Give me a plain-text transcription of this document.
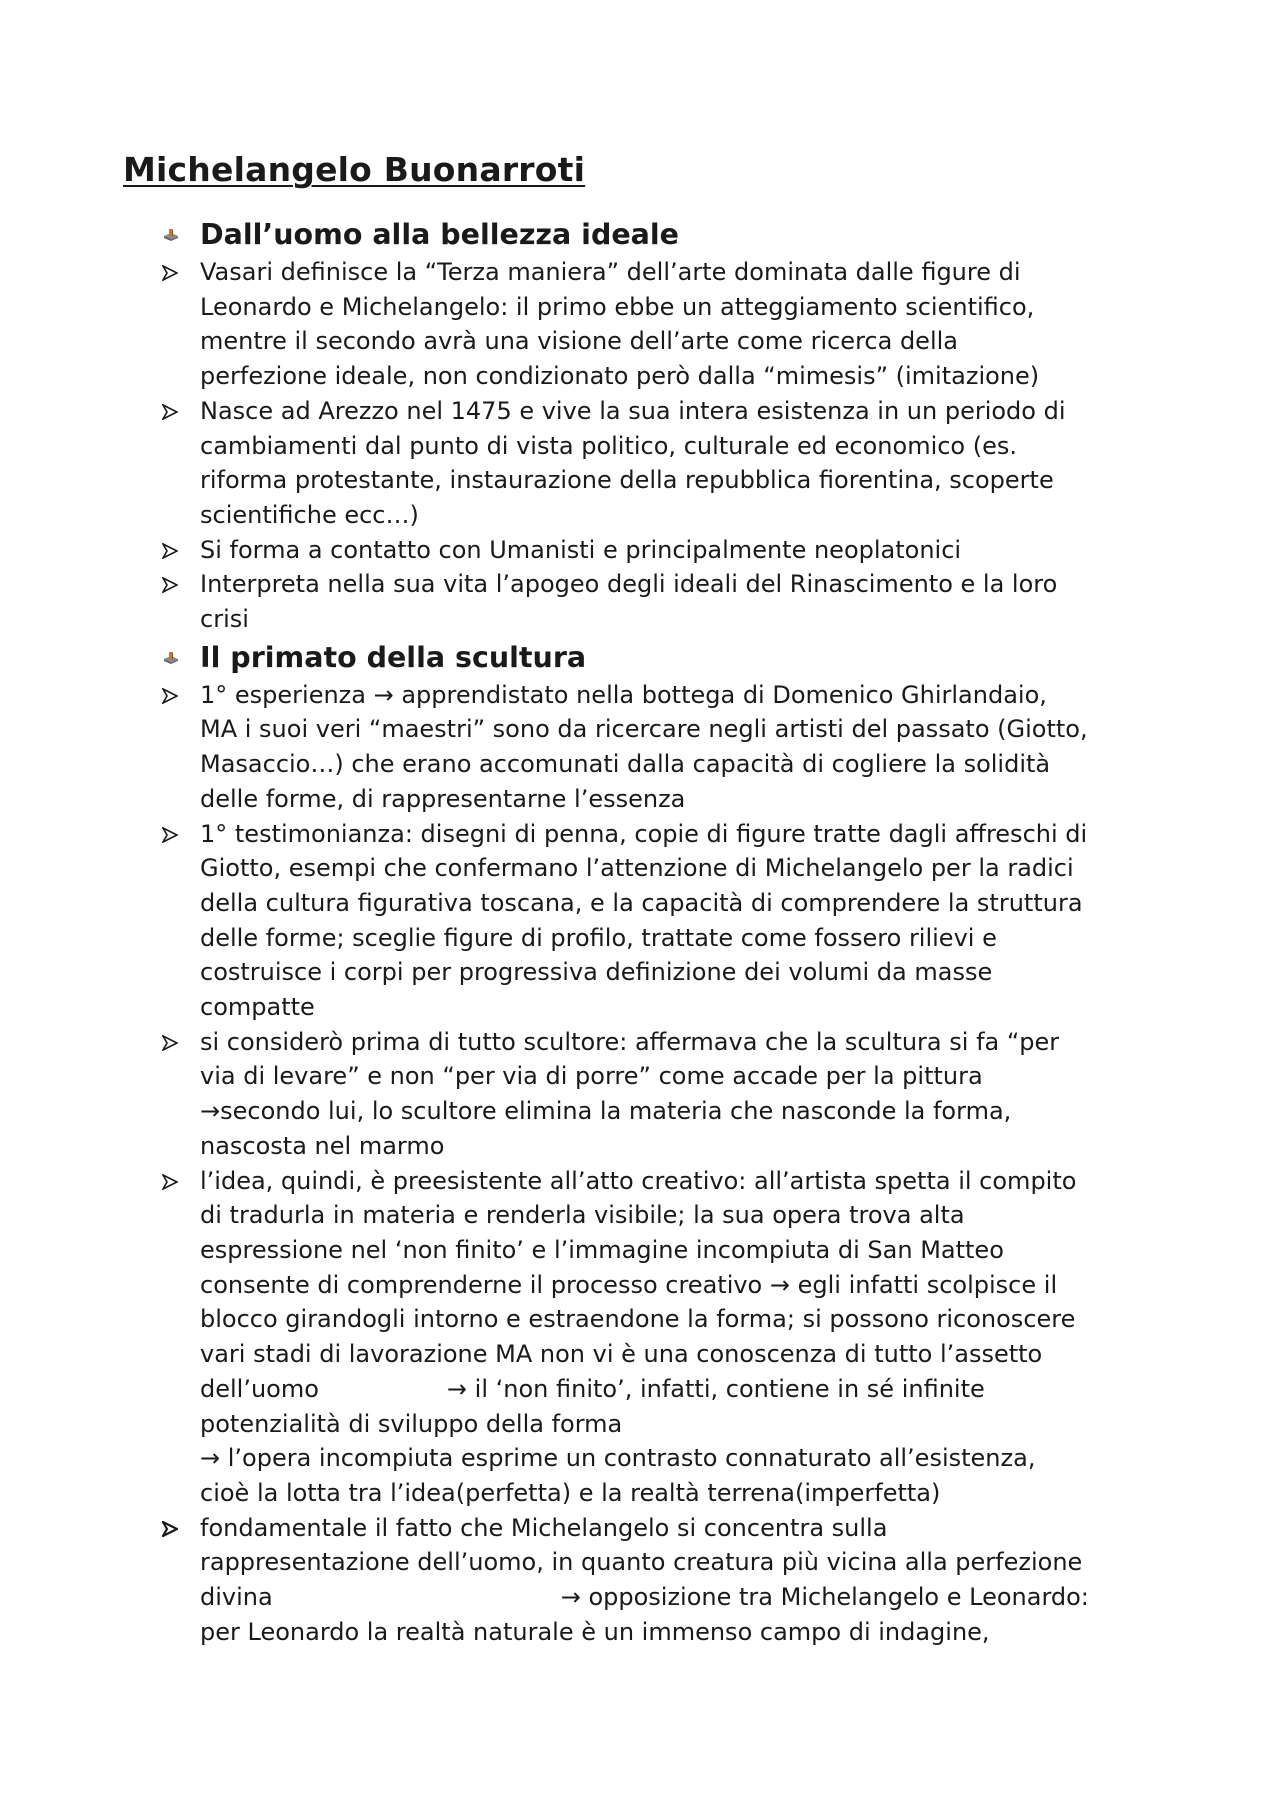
Michelangelo Buonarroti
Dall’uomo alla bellezza ideale
Vasari definisce la “Terza maniera” dell’arte dominata dalle figure di
Leonardo e Michelangelo: il primo ebbe un atteggiamento scientifico,
mentre il secondo avrà una visione dell’arte come ricerca della
perfezione ideale, non condizionato però dalla “mimesis” (imitazione)
Nasce ad Arezzo nel 1475 e vive la sua intera esistenza in un periodo di
cambiamenti dal punto di vista politico, culturale ed economico (es.
riforma protestante, instaurazione della repubblica fiorentina, scoperte
scientifiche ecc…)
Si forma a contatto con Umanisti e principalmente neoplatonici
Interpreta nella sua vita l’apogeo degli ideali del Rinascimento e la loro
crisi
Il primato della scultura
1° esperienza → apprendistato nella bottega di Domenico Ghirlandaio,
MA i suoi veri “maestri” sono da ricercare negli artisti del passato (Giotto,
Masaccio…) che erano accomunati dalla capacità di cogliere la solidità
delle forme, di rappresentarne l’essenza
1° testimonianza: disegni di penna, copie di figure tratte dagli affreschi di
Giotto, esempi che confermano l’attenzione di Michelangelo per la radici
della cultura figurativa toscana, e la capacità di comprendere la struttura
delle forme; sceglie figure di profilo, trattate come fossero rilievi e
costruisce i corpi per progressiva definizione dei volumi da masse
compatte
si considerò prima di tutto scultore: affermava che la scultura si fa “per
via di levare” e non “per via di porre” come accade per la pittura
→secondo lui, lo scultore elimina la materia che nasconde la forma,
nascosta nel marmo
l’idea, quindi, è preesistente all’atto creativo: all’artista spetta il compito
di tradurla in materia e renderla visibile; la sua opera trova alta
espressione nel ‘non finito’ e l’immagine incompiuta di San Matteo
consente di comprenderne il processo creativo → egli infatti scolpisce il
blocco girandogli intorno e estraendone la forma; si possono riconoscere
vari stadi di lavorazione MA non vi è una conoscenza di tutto l’assetto
dell’uomo	→ il ‘non finito’, infatti, contiene in sé infinite
potenzialità di sviluppo della forma
→ l’opera incompiuta esprime un contrasto connaturato all’esistenza,
cioè la lotta tra l’idea(perfetta) e la realtà terrena(imperfetta)
fondamentale il fatto che Michelangelo si concentra sulla
rappresentazione dell’uomo, in quanto creatura più vicina alla perfezione
divina	→ opposizione tra Michelangelo e Leonardo:
per Leonardo la realtà naturale è un immenso campo di indagine,
